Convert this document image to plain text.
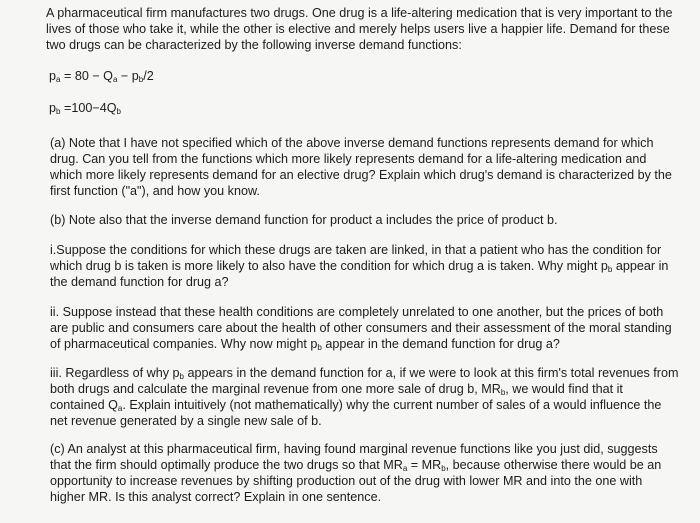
A pharmaceutical firm manufactures two drugs. One drug is a life-altering medication that is very important to the lives of those who take it, while the other is elective and merely helps users live a happier life. Demand for these two drugs can be characterized by the following inverse demand functions:

$p_a = 80 - Q_a - p_b/2$

$p_b =100-4Q_b$

(a) Note that I have not specified which of the above inverse demand functions represents demand for which drug. Can you tell from the functions which more likely represents demand for a life-altering medication and which more likely represents demand for an elective drug? Explain which drug's demand is characterized by the first function ("a"), and how you know.

(b) Note also that the inverse demand function for product a includes the price of product b.

i.Suppose the conditions for which these drugs are taken are linked, in that a patient who has the condition for which drug b is taken is more likely to also have the condition for which drug a is taken. Why might $p_b$ appear in the demand function for drug a?

ii. Suppose instead that these health conditions are completely unrelated to one another, but the prices of both are public and consumers care about the health of other consumers and their assessment of the moral standing of pharmaceutical companies. Why now might $p_b$ appear in the demand function for drug a?

iii. Regardless of why $p_b$ appears in the demand function for a, if we were to look at this firm's total revenues from both drugs and calculate the marginal revenue from one more sale of drug b, $MR_b$, we would find that it contained $Q_a$. Explain intuitively (not mathematically) why the current number of sales of a would influence the net revenue generated by a single new sale of b.

(c) An analyst at this pharmaceutical firm, having found marginal revenue functions like you just did, suggests that the firm should optimally produce the two drugs so that $MR_a = MR_b$, because otherwise there would be an opportunity to increase revenues by shifting production out of the drug with lower MR and into the one with higher MR. Is this analyst correct? Explain in one sentence.
